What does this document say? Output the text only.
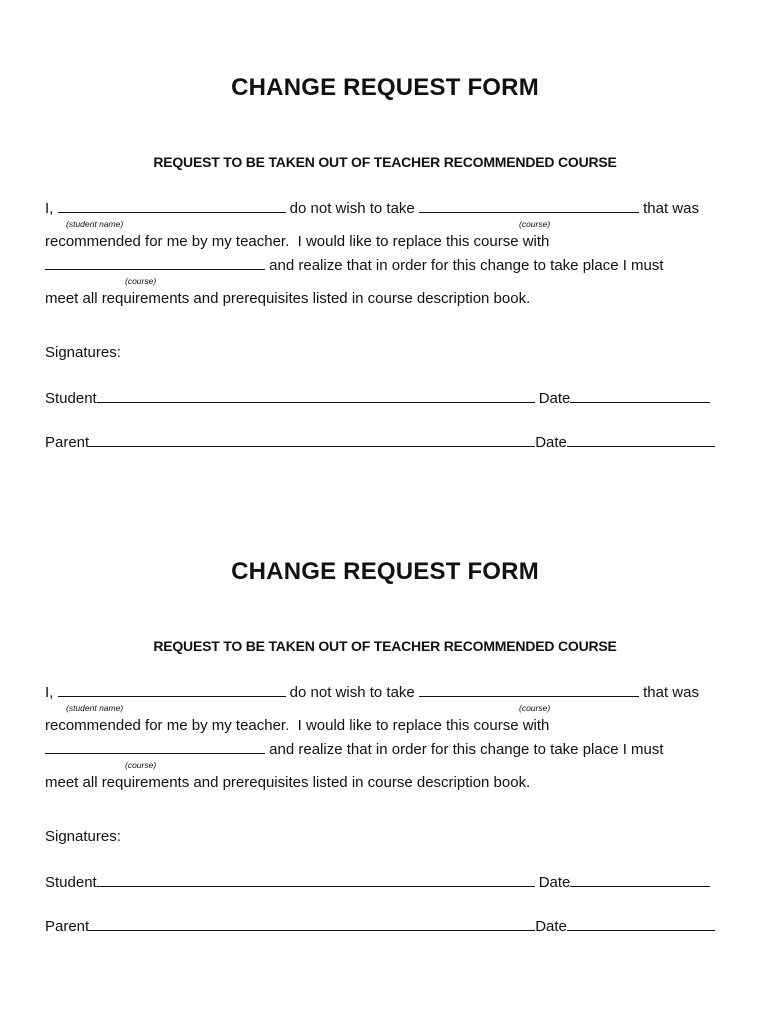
CHANGE REQUEST FORM
REQUEST TO BE TAKEN OUT OF TEACHER RECOMMENDED COURSE
I,	do not wish to take	that was
(student name)	(course)
recommended for me by my teacher.  I would like to replace this course with
and realize that in order for this change to take place I must
(course)
meet all requirements and prerequisites listed in course description book.
Signatures:
Student	Date
Parent	Date
CHANGE REQUEST FORM
REQUEST TO BE TAKEN OUT OF TEACHER RECOMMENDED COURSE
I,	do not wish to take	that was
(student name)	(course)
recommended for me by my teacher.  I would like to replace this course with
and realize that in order for this change to take place I must
(course)
meet all requirements and prerequisites listed in course description book.
Signatures:
Student	Date
Parent	Date
